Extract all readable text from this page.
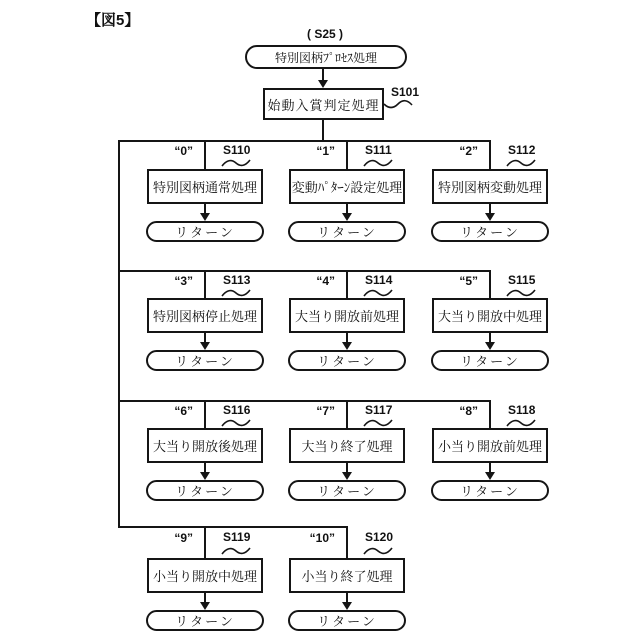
【図5】
( S25 )
特別図柄ﾌﾟﾛｾｽ処理
始動入賞判定処理
S101
“0”	S110
特別図柄通常処理
リターン
“1”	S111
変動ﾊﾟﾀｰﾝ設定処理
リターン
“2”	S112
特別図柄変動処理
リターン
“3”	S113
特別図柄停止処理
リターン
“4”	S114
大当り開放前処理
リターン
“5”	S115
大当り開放中処理
リターン
“6”	S116
大当り開放後処理
リターン
“7”	S117
大当り終了処理
リターン
“8”	S118
小当り開放前処理
リターン
“9”	S119
小当り開放中処理
リターン
“10”	S120
小当り終了処理
リターン
